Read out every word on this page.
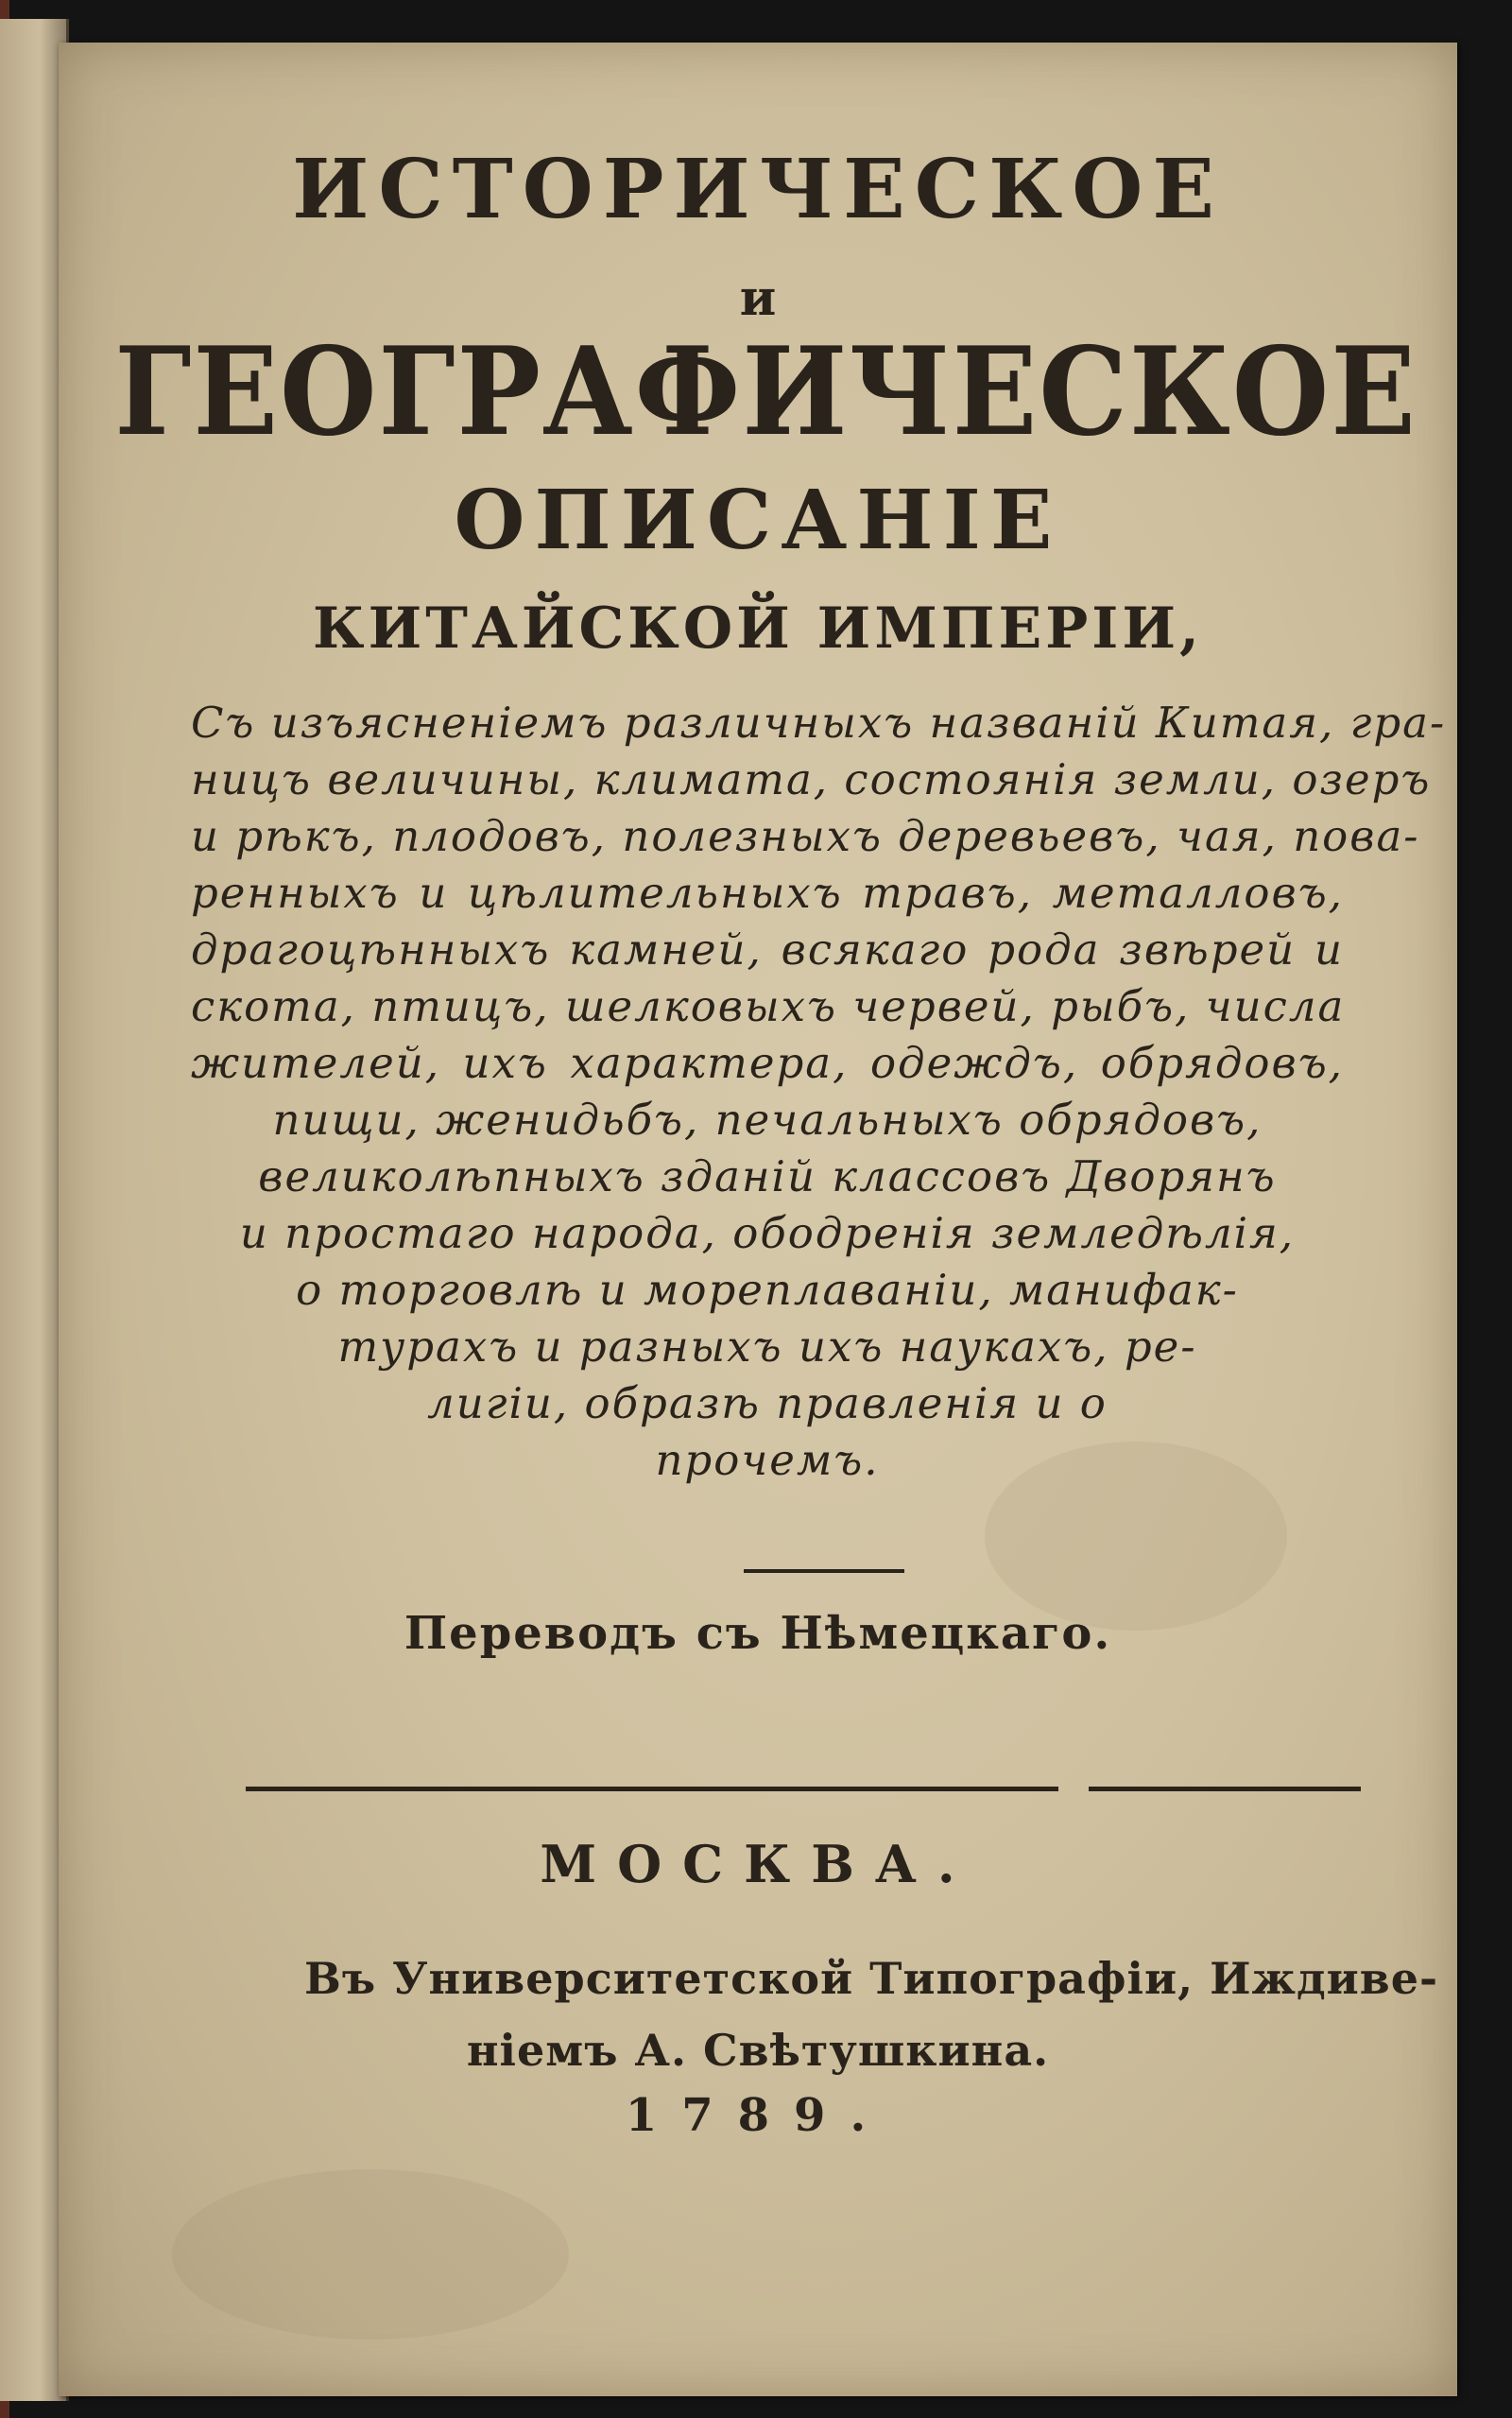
ИСТОРИЧЕСКОЕ
и
ГЕОГРАФИЧЕСКОЕ
ОПИСАНІЕ
КИТАЙСКОЙ ИМПЕРІИ,
Съ изъясненіемъ различныхъ названій Китая, гра-
ницъ величины, климата, состоянія земли, озеръ
и рѣкъ, плодовъ, полезныхъ деревьевъ, чая, пова-
ренныхъ и цѣлительныхъ травъ, металловъ,
драгоцѣнныхъ камней, всякаго рода звѣрей и
скота, птицъ, шелковыхъ червей, рыбъ, числа
жителей, ихъ характера, одеждъ, обрядовъ,
пищи, женидьбъ, печальныхъ обрядовъ,
великолѣпныхъ зданій классовъ Дворянъ
и простаго народа, ободренія земледѣлія,
о торговлѣ и мореплаваніи, манифак-
турахъ и разныхъ ихъ наукахъ, ре-
лигіи, образѣ правленія и о
прочемъ.
Переводъ съ Нѣмецкаго.
МОСКВА.
Въ Университетской Типографіи, Иждиве-
ніемъ А. Свѣтушкина.
1789.
